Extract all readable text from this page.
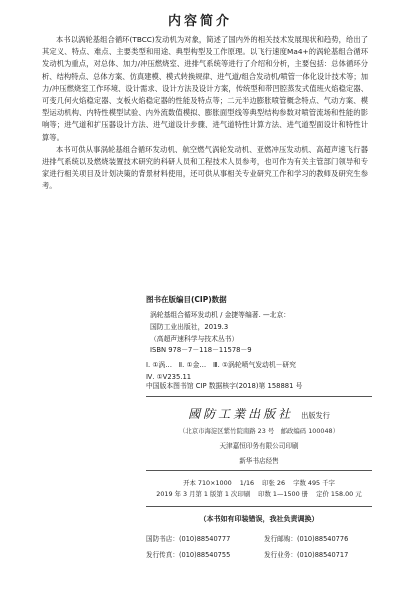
内容简介

本书以涡轮基组合循环(TBCC)发动机为对象，简述了国内外的相关技术发展现状和趋势，给出了其定义、特点、难点、主要类型和用途、典型构型及工作原理。以飞行速度Ma4+的涡轮基组合循环发动机为重点，对总体、加力/冲压燃烧室、进排气系统等进行了介绍和分析，主要包括：总体循环分析、结构特点、总体方案、仿真建模、模式转换规律、进气道/组合发动机/喷管一体化设计技术等；加力/冲压燃烧室工作环境、设计需求、设计方法及设计方案，传统型和带凹腔蒸发式值班火焰稳定器、可变几何火焰稳定器、支板火焰稳定器的性能及特点等；二元半边膨胀喷管概念特点、气动方案、模型运动机构、内特性模型试验、内外流数值模拟、膨胀面型线等典型结构参数对喷管流场和性能的影响等；进气道和扩压器设计方法、进气道设计步骤、进气道特性计算方法、进气道型面设计和特性计算等。

本书可供从事涡轮基组合循环发动机、航空燃气涡轮发动机、亚燃冲压发动机、高超声速飞行器进排气系统以及燃烧装置技术研究的科研人员和工程技术人员参考，也可作为有关主管部门领导和专家进行相关项目及计划决策的背景材料使用，还可供从事相关专业研究工作和学习的教师及研究生参考。

图书在版编目(CIP)数据
涡轮基组合循环发动机 / 金捷等编著. —北京：
国防工业出版社，2019.3
（高超声速科学与技术丛书）
ISBN 978－7－118－11578－9
Ⅰ. ①涡…　Ⅱ. ①金…　Ⅲ. ①涡轮喷气发动机－研究
Ⅳ. ①V235.11
中国版本图书馆 CIP 数据核字(2018)第 158881 号
國防工業出版社 出版发行
（北京市海淀区紫竹院南路 23 号　邮政编码 100048）
天津嘉恒印务有限公司印刷
新华书店经售
开本 710×1000 1/16 印张 26 字数 495 千字
2019 年 3 月第 1 版第 1 次印刷 印数 1—1500 册 定价 158.00 元
（本书如有印装错误，我社负责调换）
国防书店：(010)88540777	发行邮购：(010)88540776
发行传真：(010)88540755	发行业务：(010)88540717
